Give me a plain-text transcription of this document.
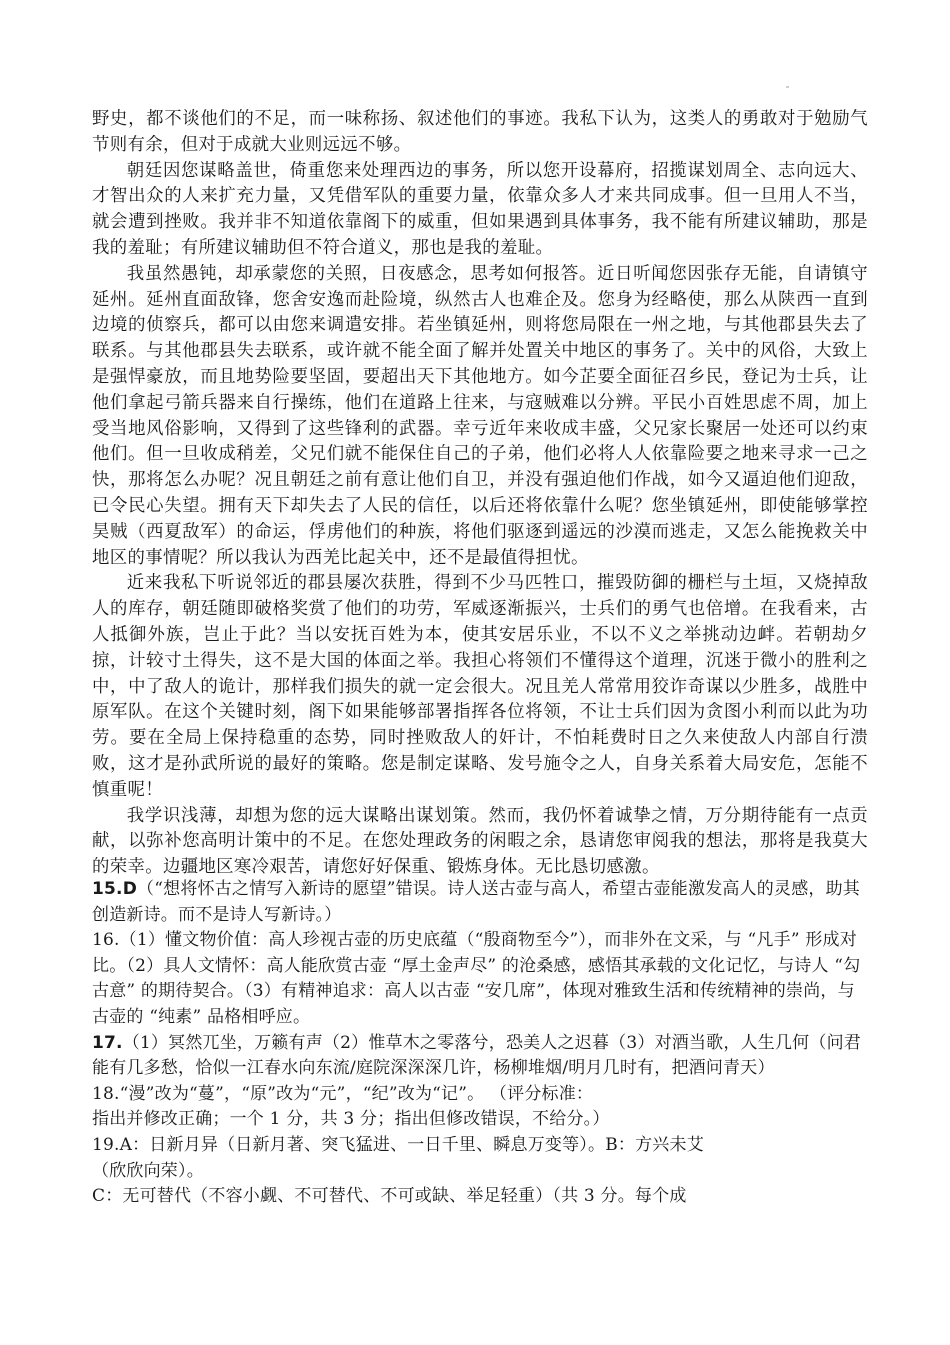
野史，都不谈他们的不足，而一味称扬、叙述他们的事迹。我私下认为，这类人的勇敢对于勉励气节则有余，但对于成就大业则远远不够。

朝廷因您谋略盖世，倚重您来处理西边的事务，所以您开设幕府，招揽谋划周全、志向远大、才智出众的人来扩充力量，又凭借军队的重要力量，依靠众多人才来共同成事。但一旦用人不当，就会遭到挫败。我并非不知道依靠阁下的威重，但如果遇到具体事务，我不能有所建议辅助，那是我的羞耻；有所建议辅助但不符合道义，那也是我的羞耻。

我虽然愚钝，却承蒙您的关照，日夜感念，思考如何报答。近日听闻您因张存无能，自请镇守延州。延州直面敌锋，您舍安逸而赴险境，纵然古人也难企及。您身为经略使，那么从陕西一直到边境的侦察兵，都可以由您来调遣安排。若坐镇延州，则将您局限在一州之地，与其他郡县失去了联系。与其他郡县失去联系，或许就不能全面了解并处置关中地区的事务了。关中的风俗，大致上是强悍豪放，而且地势险要坚固，要超出天下其他地方。如今芷要全面征召乡民，登记为士兵，让他们拿起弓箭兵器来自行操练，他们在道路上往来，与寇贼难以分辨。平民小百姓思虑不周，加上受当地风俗影响，又得到了这些锋利的武器。幸亏近年来收成丰盛，父兄家长聚居一处还可以约束他们。但一旦收成稍差，父兄们就不能保住自己的子弟，他们必将人人依靠险要之地来寻求一己之快，那将怎么办呢？况且朝廷之前有意让他们自卫，并没有强迫他们作战，如今又逼迫他们迎敌，已令民心失望。拥有天下却失去了人民的信任，以后还将依靠什么呢？您坐镇延州，即使能够掌控昊贼（西夏敌军）的命运，俘虏他们的种族，将他们驱逐到遥远的沙漠而逃走，又怎么能挽救关中地区的事情呢？所以我认为西羌比起关中，还不是最值得担忧。

近来我私下听说邻近的郡县屡次获胜，得到不少马匹牲口，摧毁防御的栅栏与土垣，又烧掉敌人的库存，朝廷随即破格奖赏了他们的功劳，军威逐渐振兴，士兵们的勇气也倍增。在我看来，古人抵御外族，岂止于此？当以安抚百姓为本，使其安居乐业，不以不义之举挑动边衅。若朝劫夕掠，计较寸土得失，这不是大国的体面之举。我担心将领们不懂得这个道理，沉迷于微小的胜利之中，中了敌人的诡计，那样我们损失的就一定会很大。况且羌人常常用狡诈奇谋以少胜多，战胜中原军队。在这个关键时刻，阁下如果能够部署指挥各位将领，不让士兵们因为贪图小利而以此为功劳。要在全局上保持稳重的态势，同时挫败敌人的奸计，不怕耗费时日之久来使敌人内部自行溃败，这才是孙武所说的最好的策略。您是制定谋略、发号施令之人，自身关系着大局安危，怎能不慎重呢！

我学识浅薄，却想为您的远大谋略出谋划策。然而，我仍怀着诚挚之情，万分期待能有一点贡献，以弥补您高明计策中的不足。在您处理政务的闲暇之余，恳请您审阅我的想法，那将是我莫大的荣幸。边疆地区寒冷艰苦，请您好好保重、锻炼身体。无比恳切感激。

15.D（“想将怀古之情写入新诗的愿望”错误。诗人送古壶与高人，希望古壶能激发高人的灵感，助其创造新诗。而不是诗人写新诗。）

16.（1）懂文物价值：高人珍视古壶的历史底蕴（“殷商物至今”），而非外在文采，与 “凡手” 形成对比。（2）具人文情怀：高人能欣赏古壶 “厚土金声尽” 的沧桑感，感悟其承载的文化记忆，与诗人 “勾古意” 的期待契合。（3）有精神追求：高人以古壶 “安几席”，体现对雅致生活和传统精神的崇尚，与古壶的 “纯素” 品格相呼应。

17.（1）冥然兀坐，万籁有声（2）惟草木之零落兮，恐美人之迟暮（3）对酒当歌，人生几何（问君能有几多愁，恰似一江春水向东流/庭院深深深几许，杨柳堆烟/明月几时有，把酒问青天）

18.“漫”改为“蔓”，“原”改为“元”，“纪”改为“记”。 （评分标准：

指出并修改正确；一个 1 分，共 3 分；指出但修改错误，不给分。）

19.A：日新月异（日新月著、突飞猛进、一日千里、瞬息万变等）。B：方兴未艾

（欣欣向荣）。

C：无可替代（不容小觑、不可替代、不可或缺、举足轻重）（共 3 分。每个成
